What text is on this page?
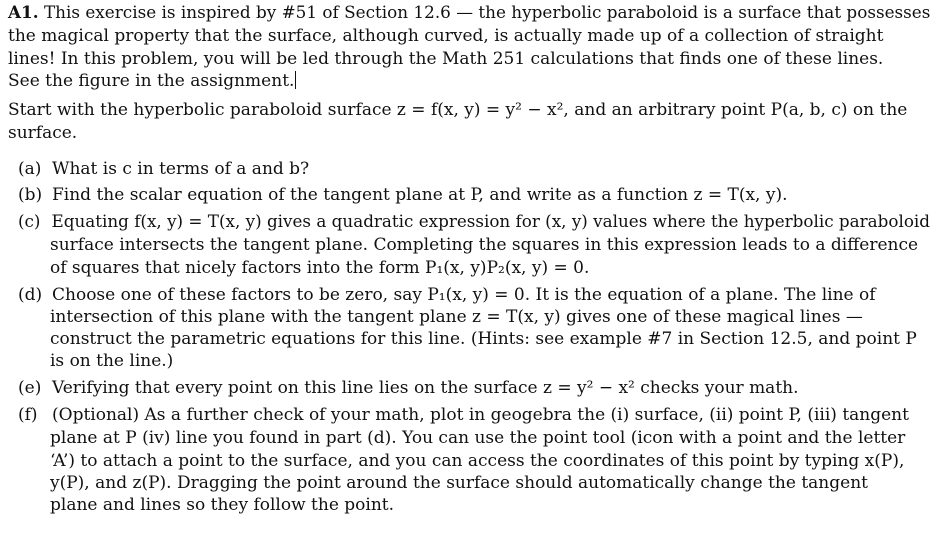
A1. This exercise is inspired by #51 of Section 12.6 — the hyperbolic paraboloid is a surface that possesses
the magical property that the surface, although curved, is actually made up of a collection of straight
lines! In this problem, you will be led through the Math 251 calculations that finds one of these lines.
See the figure in the assignment.
Start with the hyperbolic paraboloid surface z = f(x, y) = y² − x², and an arbitrary point P(a, b, c) on the
surface.
(a) What is c in terms of a and b?
(b) Find the scalar equation of the tangent plane at P, and write as a function z = T(x, y).
(c) Equating f(x, y) = T(x, y) gives a quadratic expression for (x, y) values where the hyperbolic paraboloid
surface intersects the tangent plane. Completing the squares in this expression leads to a difference
of squares that nicely factors into the form P₁(x, y)P₂(x, y) = 0.
(d) Choose one of these factors to be zero, say P₁(x, y) = 0. It is the equation of a plane. The line of
intersection of this plane with the tangent plane z = T(x, y) gives one of these magical lines —
construct the parametric equations for this line. (Hints: see example #7 in Section 12.5, and point P
is on the line.)
(e) Verifying that every point on this line lies on the surface z = y² − x² checks your math.
(f) (Optional) As a further check of your math, plot in geogebra the (i) surface, (ii) point P, (iii) tangent
plane at P (iv) line you found in part (d). You can use the point tool (icon with a point and the letter
‘A’) to attach a point to the surface, and you can access the coordinates of this point by typing x(P),
y(P), and z(P). Dragging the point around the surface should automatically change the tangent
plane and lines so they follow the point.
